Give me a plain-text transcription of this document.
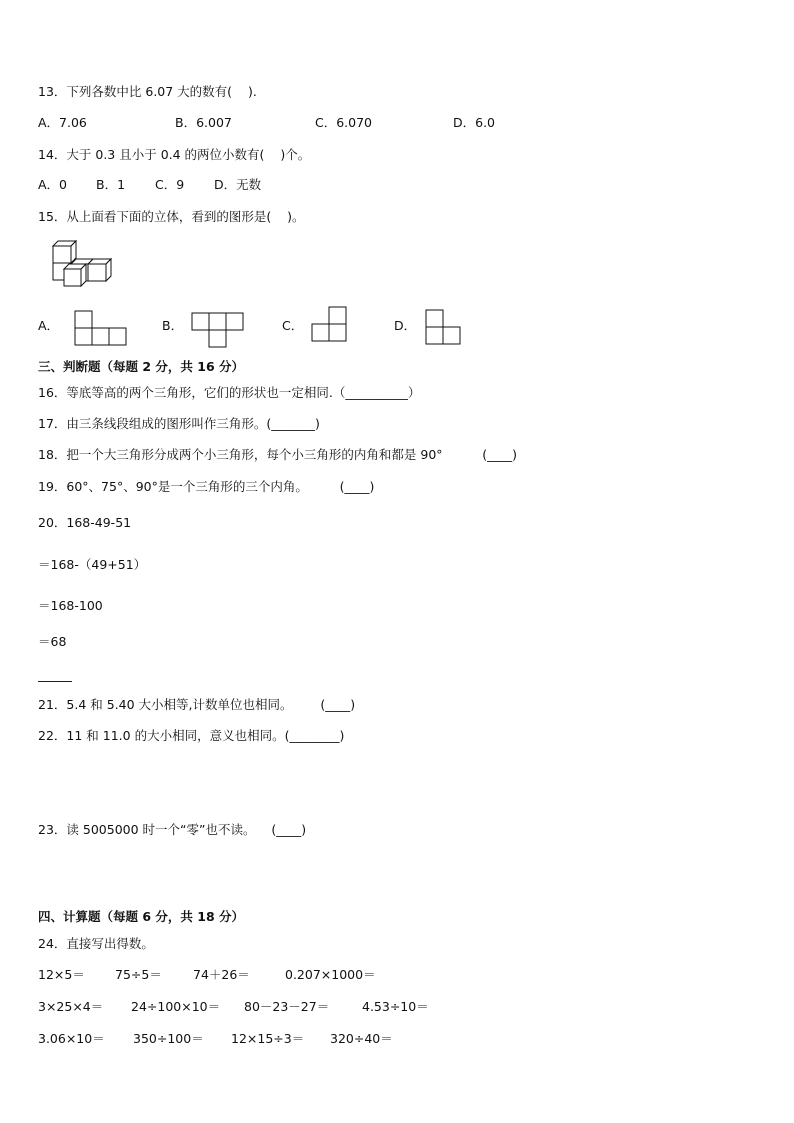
13．下列各数中比 6.07 大的数有(    ).
A．7.06	B．6.007	C．6.070	D．6.0
14．大于 0.3 且小于 0.4 的两位小数有(    )个。
A．0 B．1 C．9 D．无数
15．从上面看下面的立体，看到的图形是(    )。
A．	B．	C．	D．
三、判断题（每题 2 分，共 16 分）
16．等底等高的两个三角形，它们的形状也一定相同.（__________）
17．由三条线段组成的图形叫作三角形。(_______)
18．把一个大三角形分成两个小三角形，每个小三角形的内角和都是 90°          (____)
19．60°、75°、90°是一个三角形的三个内角。        (____)
20．168-49-51
＝168-（49+51）
＝168-100
＝68
21．5.4 和 5.40 大小相等,计数单位也相同。       (____)
22．11 和 11.0 的大小相同，意义也相同。(________)
23．读 5005000 时一个“零”也不读。    (____)
四、计算题（每题 6 分，共 18 分）
24．直接写出得数。
12×5＝ 75÷5＝ 74＋26＝	0.207×1000＝
3×25×4＝ 24÷100×10＝ 80－23－27＝	4.53÷10＝
3.06×10＝ 350÷100＝ 12×15÷3＝ 320÷40＝
